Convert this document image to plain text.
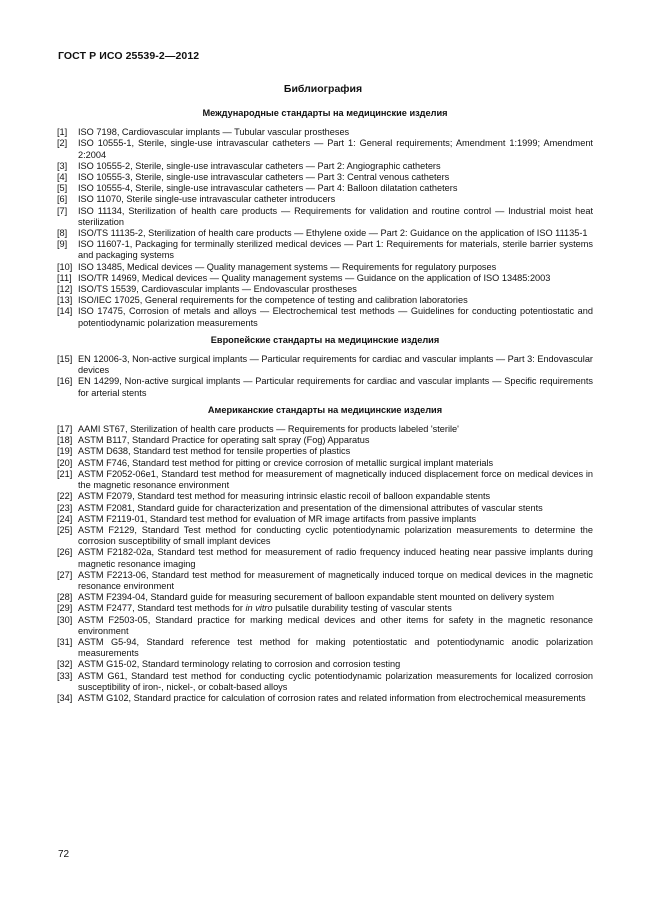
ГОСТ Р ИСО 25539-2—2012
Библиография
Международные стандарты на медицинские изделия
[1]	ISO 7198, Cardiovascular implants — Tubular vascular prostheses
[2]	ISO 10555-1, Sterile, single-use intravascular catheters — Part 1: General requirements; Amendment 1:1999; Amendment 2:2004
[3]	ISO 10555-2, Sterile, single-use intravascular catheters — Part 2: Angiographic catheters
[4]	ISO 10555-3, Sterile, single-use intravascular catheters — Part 3: Central venous catheters
[5]	ISO 10555-4, Sterile, single-use intravascular catheters — Part 4: Balloon dilatation catheters
[6]	ISO 11070, Sterile single-use intravascular catheter introducers
[7]	ISO 11134, Sterilization of health care products — Requirements for validation and routine control — Industrial moist heat sterilization
[8]	ISO/TS 11135-2, Sterilization of health care products — Ethylene oxide — Part 2: Guidance on the application of ISO 11135-1
[9]	ISO 11607-1, Packaging for terminally sterilized medical devices — Part 1: Requirements for materials, sterile barrier systems and packaging systems
[10] ISO 13485, Medical devices — Quality management systems — Requirements for regulatory purposes
[11] ISO/TR 14969, Medical devices — Quality management systems — Guidance on the application of ISO 13485:2003
[12] ISO/TS 15539, Cardiovascular implants — Endovascular prostheses
[13] ISO/IEC 17025, General requirements for the competence of testing and calibration laboratories
[14] ISO 17475, Corrosion of metals and alloys — Electrochemical test methods — Guidelines for conducting potentiostatic and potentiodynamic polarization measurements
Европейские стандарты на медицинские изделия
[15] EN 12006-3, Non-active surgical implants — Particular requirements for cardiac and vascular implants — Part 3: Endovascular devices
[16] EN 14299, Non-active surgical implants — Particular requirements for cardiac and vascular implants — Specific requirements for arterial stents
Американские стандарты на медицинские изделия
[17] AAMI ST67, Sterilization of health care products — Requirements for products labeled 'sterile'
[18] ASTM B117, Standard Practice for operating salt spray (Fog) Apparatus
[19] ASTM D638, Standard test method for tensile properties of plastics
[20] ASTM F746, Standard test method for pitting or crevice corrosion of metallic surgical implant materials
[21] ASTM F2052-06e1, Standard test method for measurement of magnetically induced displacement force on medical devices in the magnetic resonance environment
[22] ASTM F2079, Standard test method for measuring intrinsic elastic recoil of balloon expandable stents
[23] ASTM F2081, Standard guide for characterization and presentation of the dimensional attributes of vascular stents
[24] ASTM F2119-01, Standard test method for evaluation of MR image artifacts from passive implants
[25] ASTM F2129, Standard Test method for conducting cyclic potentiodynamic polarization measurements to determine the corrosion susceptibility of small implant devices
[26] ASTM F2182-02a, Standard test method for measurement of radio frequency induced heating near passive implants during magnetic resonance imaging
[27] ASTM F2213-06, Standard test method for measurement of magnetically induced torque on medical devices in the magnetic resonance environment
[28] ASTM F2394-04, Standard guide for measuring securement of balloon expandable stent mounted on delivery system
[29] ASTM F2477, Standard test methods for in vitro pulsatile durability testing of vascular stents
[30] ASTM F2503-05, Standard practice for marking medical devices and other items for safety in the magnetic resonance environment
[31] ASTM G5-94, Standard reference test method for making potentiostatic and potentiodynamic anodic polarization measurements
[32] ASTM G15-02, Standard terminology relating to corrosion and corrosion testing
[33] ASTM G61, Standard test method for conducting cyclic potentiodynamic polarization measurements for localized corrosion susceptibility of iron-, nickel-, or cobalt-based alloys
[34] ASTM G102, Standard practice for calculation of corrosion rates and related information from electrochemical measurements
72
